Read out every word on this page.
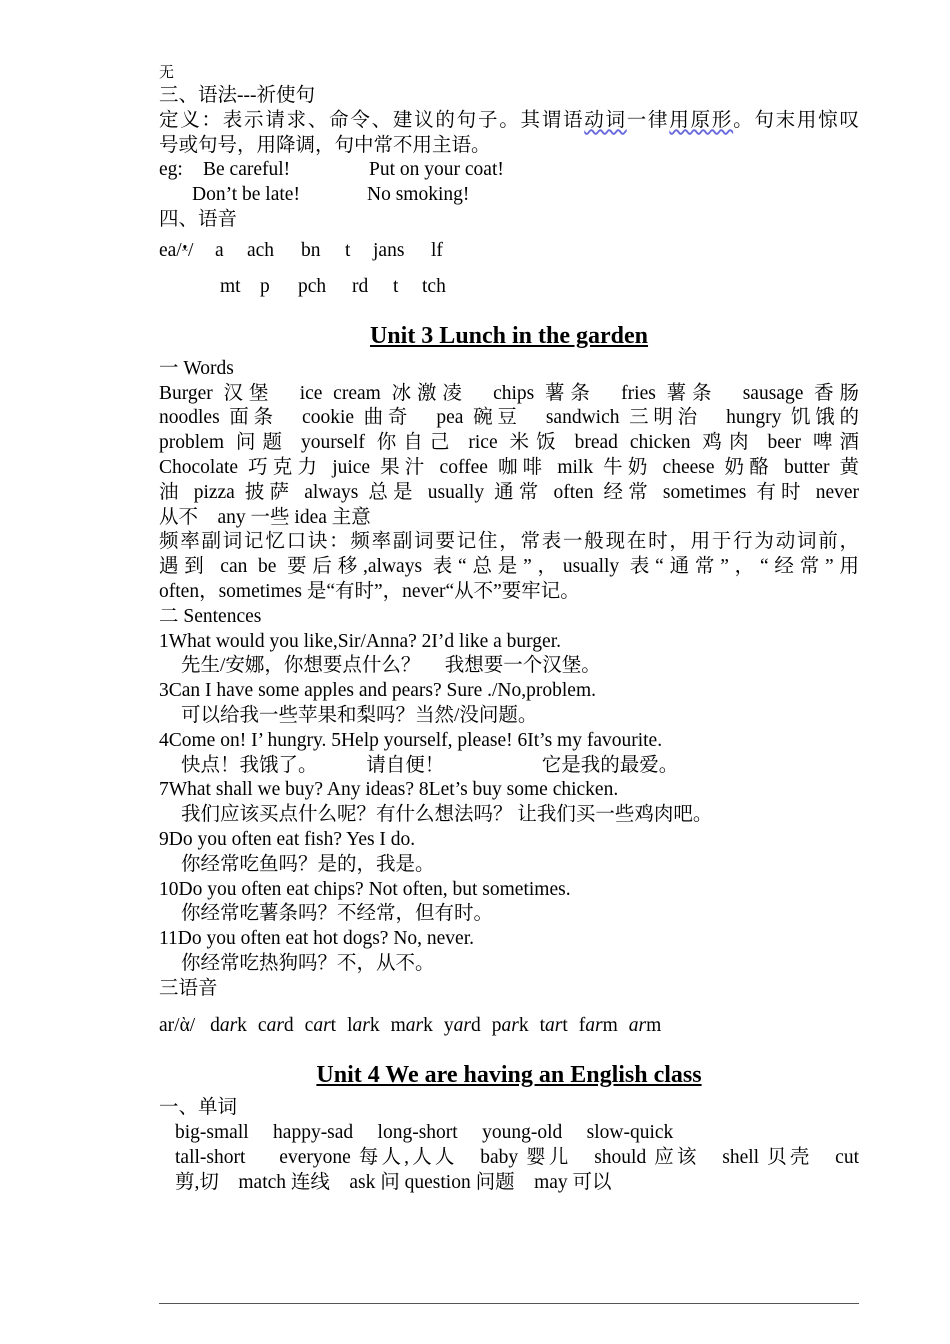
无
三、语法---祈使句
定义：表示请求、命令、建议的句子。其谓语动词一律用原形。句末用惊叹
号或句号，用降调，句中常不用主语。
eg: Be careful!	Put on your coat!
Don’t be late!	No smoking!
四、语音
ea/ᵜ/ a ach bn t jans lf
mt p pch rd t tch
Unit 3 Lunch in the garden
一 Words
Burger 汉堡　ice cream 冰激凌　chips 薯条　fries 薯条　sausage 香肠
noodles 面条　cookie 曲奇　pea 碗豆　sandwich 三明治　hungry 饥饿的
problem 问题 yourself 你自己 rice 米饭 bread chicken 鸡肉 beer 啤酒
Chocolate 巧克力 juice 果汁 coffee 咖啡 milk 牛奶 cheese 奶酪 butter 黄
油 pizza 披萨 always 总是 usually 通常 often 经常 sometimes 有时 never
从不　any 一些 idea 主意
频率副词记忆口诀：频率副词要记住，常表一般现在时，用于行为动词前，
遇到 can be 要后移,always 表“总是”，usually 表“通常”，“经常”用
often，sometimes 是“有时”，never“从不”要牢记。
二 Sentences
1What would you like,Sir/Anna? 2I’d like a burger.
先生/安娜，你想要点什么？　 我想要一个汉堡。
3Can I have some apples and pears? Sure ./No,problem.
可以给我一些苹果和梨吗？当然/没问题。
4Come on! I’ hungry. 5Help yourself, please! 6It’s my favourite.
快点！我饿了。　　　请自便！　　　　　它是我的最爱。
7What shall we buy? Any ideas? 8Let’s buy some chicken.
我们应该买点什么呢？有什么想法吗？ 让我们买一些鸡肉吧。
9Do you often eat fish? Yes I do.
你经常吃鱼吗？是的，我是。
10Do you often eat chips? Not often, but sometimes.
你经常吃薯条吗？不经常，但有时。
11Do you often eat hot dogs? No, never.
你经常吃热狗吗？不，从不。
三语音
ar/ὰ/ dark card cart lark mark yard park tart farm arm
Unit 4 We are having an English class
一、单词
big-small　 happy-sad　 long-short　 young-old　 slow-quick
tall-short　 everyone 每人,人人　baby 婴儿　should 应该　shell 贝壳　cut
剪,切　match 连线　ask 问 question 问题　may 可以
